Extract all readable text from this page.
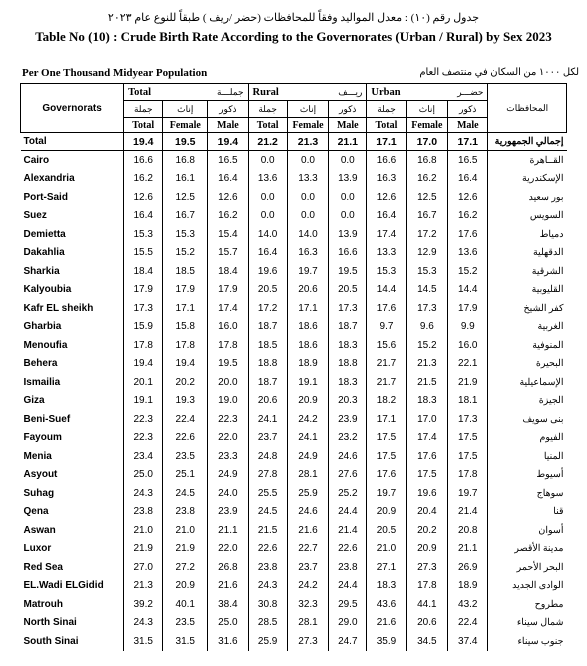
جدول رقم (١٠) : معدل المواليد وفقاً للمحافظات (حضر /ريف ) طبقاً للنوع عام ٢٠٢٣
Table No (10) : Crude Birth Rate According to the Governorates (Urban / Rural) by Sex 2023
Per One Thousand Midyear Population	لكل ١٠٠٠ من السكان في منتصف العام
Governorats	Total جملـــة			Rural ريـــف			Urban حضـــر			المحافظات
	جملة	إناث	ذكور	جملة	إناث	ذكور	جملة	إناث	ذكور	
	Total	Female	Male	Total	Female	Male	Total	Female	Male	
Total	19.4	19.5	19.4	21.2	21.3	21.1	17.1	17.0	17.1	إجمالي الجمهورية
Cairo	16.6	16.8	16.5	0.0	0.0	0.0	16.6	16.8	16.5	القــاهرة
Alexandria	16.2	16.1	16.4	13.6	13.3	13.9	16.3	16.2	16.4	الإسكندرية
Port-Said	12.6	12.5	12.6	0.0	0.0	0.0	12.6	12.5	12.6	بور سعيد
Suez	16.4	16.7	16.2	0.0	0.0	0.0	16.4	16.7	16.2	السويس
Demietta	15.3	15.3	15.4	14.0	14.0	13.9	17.4	17.2	17.6	دمياط
Dakahlia	15.5	15.2	15.7	16.4	16.3	16.6	13.3	12.9	13.6	الدقهلية
Sharkia	18.4	18.5	18.4	19.6	19.7	19.5	15.3	15.3	15.2	الشرقية
Kalyoubia	17.9	17.9	17.9	20.5	20.6	20.5	14.4	14.5	14.4	القليوبية
Kafr EL sheikh	17.3	17.1	17.4	17.2	17.1	17.3	17.6	17.3	17.9	كفر الشيخ
Gharbia	15.9	15.8	16.0	18.7	18.6	18.7	9.7	9.6	9.9	الغربية
Menoufia	17.8	17.8	17.8	18.5	18.6	18.3	15.6	15.2	16.0	المنوفية
Behera	19.4	19.4	19.5	18.8	18.9	18.8	21.7	21.3	22.1	البحيرة
Ismailia	20.1	20.2	20.0	18.7	19.1	18.3	21.7	21.5	21.9	الإسماعيلية
Giza	19.1	19.3	19.0	20.6	20.9	20.3	18.2	18.3	18.1	الجيزة
Beni-Suef	22.3	22.4	22.3	24.1	24.2	23.9	17.1	17.0	17.3	بنى سويف
Fayoum	22.3	22.6	22.0	23.7	24.1	23.2	17.5	17.4	17.5	الفيوم
Menia	23.4	23.5	23.3	24.8	24.9	24.6	17.5	17.6	17.5	المنيا
Asyout	25.0	25.1	24.9	27.8	28.1	27.6	17.6	17.5	17.8	أسيوط
Suhag	24.3	24.5	24.0	25.5	25.9	25.2	19.7	19.6	19.7	سوهاج
Qena	23.8	23.8	23.9	24.5	24.6	24.4	20.9	20.4	21.4	قنا
Aswan	21.0	21.0	21.1	21.5	21.6	21.4	20.5	20.2	20.8	أسوان
Luxor	21.9	21.9	22.0	22.6	22.7	22.6	21.0	20.9	21.1	مدينة الأقصر
Red Sea	27.0	27.2	26.8	23.8	23.7	23.8	27.1	27.3	26.9	البحر الأحمر
EL.Wadi ELGidid	21.3	20.9	21.6	24.3	24.2	24.4	18.3	17.8	18.9	الوادى الجديد
Matrouh	39.2	40.1	38.4	30.8	32.3	29.5	43.6	44.1	43.2	مطروح
North Sinai	24.3	23.5	25.0	28.5	28.1	29.0	21.6	20.6	22.4	شمال سيناء
South Sinai	31.5	31.5	31.6	25.9	27.3	24.7	35.9	34.5	37.4	جنوب سيناء
